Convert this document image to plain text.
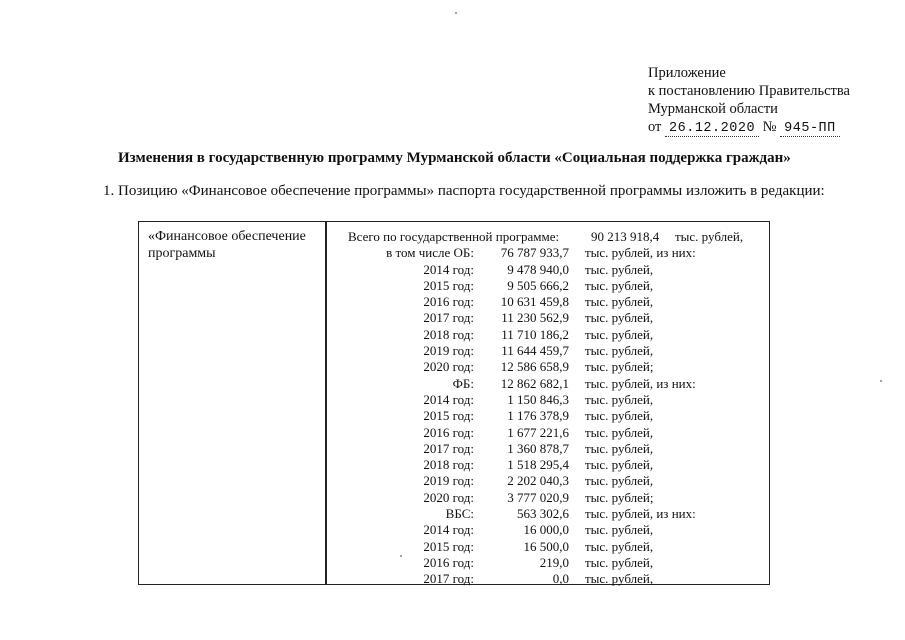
Приложение
к постановлению Правительства
Мурманской области
от 26.12.2020 № 945-ПП
Изменения в государственную программу Мурманской области «Социальная поддержка граждан»
1. Позицию «Финансовое обеспечение программы» паспорта государственной программы изложить в редакции:
«Финансовое обеспечение программы
Всего по государственной программе: 90 213 918,4 тыс. рублей,
в том числе ОБ: 76 787 933,7 тыс. рублей, из них:
2014 год:	9 478 940,0 тыс. рублей,
2015 год:	9 505 666,2 тыс. рублей,
2016 год: 10 631 459,8 тыс. рублей,
2017 год: 11 230 562,9 тыс. рублей,
2018 год: 11 710 186,2 тыс. рублей,
2019 год: 11 644 459,7 тыс. рублей,
2020 год: 12 586 658,9 тыс. рублей;
ФБ: 12 862 682,1 тыс. рублей, из них:
2014 год:	1 150 846,3 тыс. рублей,
2015 год:	1 176 378,9 тыс. рублей,
2016 год:	1 677 221,6 тыс. рублей,
2017 год:	1 360 878,7 тыс. рублей,
2018 год:	1 518 295,4 тыс. рублей,
2019 год:	2 202 040,3 тыс. рублей,
2020 год:	3 777 020,9 тыс. рублей;
ВБС:	563 302,6 тыс. рублей, из них:
2014 год:	16 000,0 тыс. рублей,
2015 год:	16 500,0 тыс. рублей,
2016 год:	219,0 тыс. рублей,
2017 год:	0,0 тыс. рублей,
